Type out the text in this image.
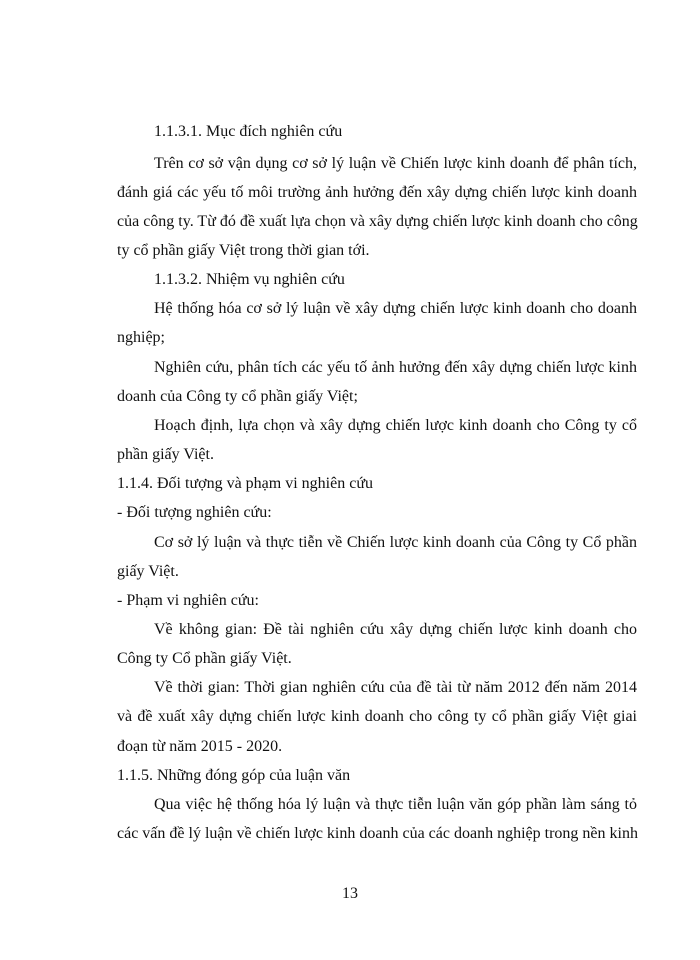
1.1.3.1. Mục đích nghiên cứu
Trên cơ sở vận dụng cơ sở lý luận về Chiến lược kinh doanh để phân tích,
đánh giá các yếu tố môi trường ảnh hưởng đến xây dựng chiến lược kinh doanh
của công ty. Từ đó đề xuất lựa chọn và xây dựng chiến lược kinh doanh cho công
ty cổ phần giấy Việt trong thời gian tới.
1.1.3.2. Nhiệm vụ nghiên cứu
Hệ thống hóa cơ sở lý luận về xây dựng chiến lược kinh doanh cho doanh
nghiệp;
Nghiên cứu, phân tích các yếu tố ảnh hưởng đến xây dựng chiến lược kinh
doanh của Công ty cổ phần giấy Việt;
Hoạch định, lựa chọn và xây dựng chiến lược kinh doanh cho Công ty cổ
phần giấy Việt.
1.1.4. Đối tượng và phạm vi nghiên cứu
- Đối tượng nghiên cứu:
Cơ sở lý luận và thực tiễn về Chiến lược kinh doanh của Công ty Cổ phần
giấy Việt.
- Phạm vi nghiên cứu:
Về không gian: Đề tài nghiên cứu xây dựng chiến lược kinh doanh cho
Công ty Cổ phần giấy Việt.
Về thời gian: Thời gian nghiên cứu của đề tài từ năm 2012 đến năm 2014
và đề xuất xây dựng chiến lược kinh doanh cho công ty cổ phần giấy Việt giai
đoạn từ năm 2015 - 2020.
1.1.5. Những đóng góp của luận văn
Qua việc hệ thống hóa lý luận và thực tiễn luận văn góp phần làm sáng tỏ
các vấn đề lý luận về chiến lược kinh doanh của các doanh nghiệp trong nền kinh
13
